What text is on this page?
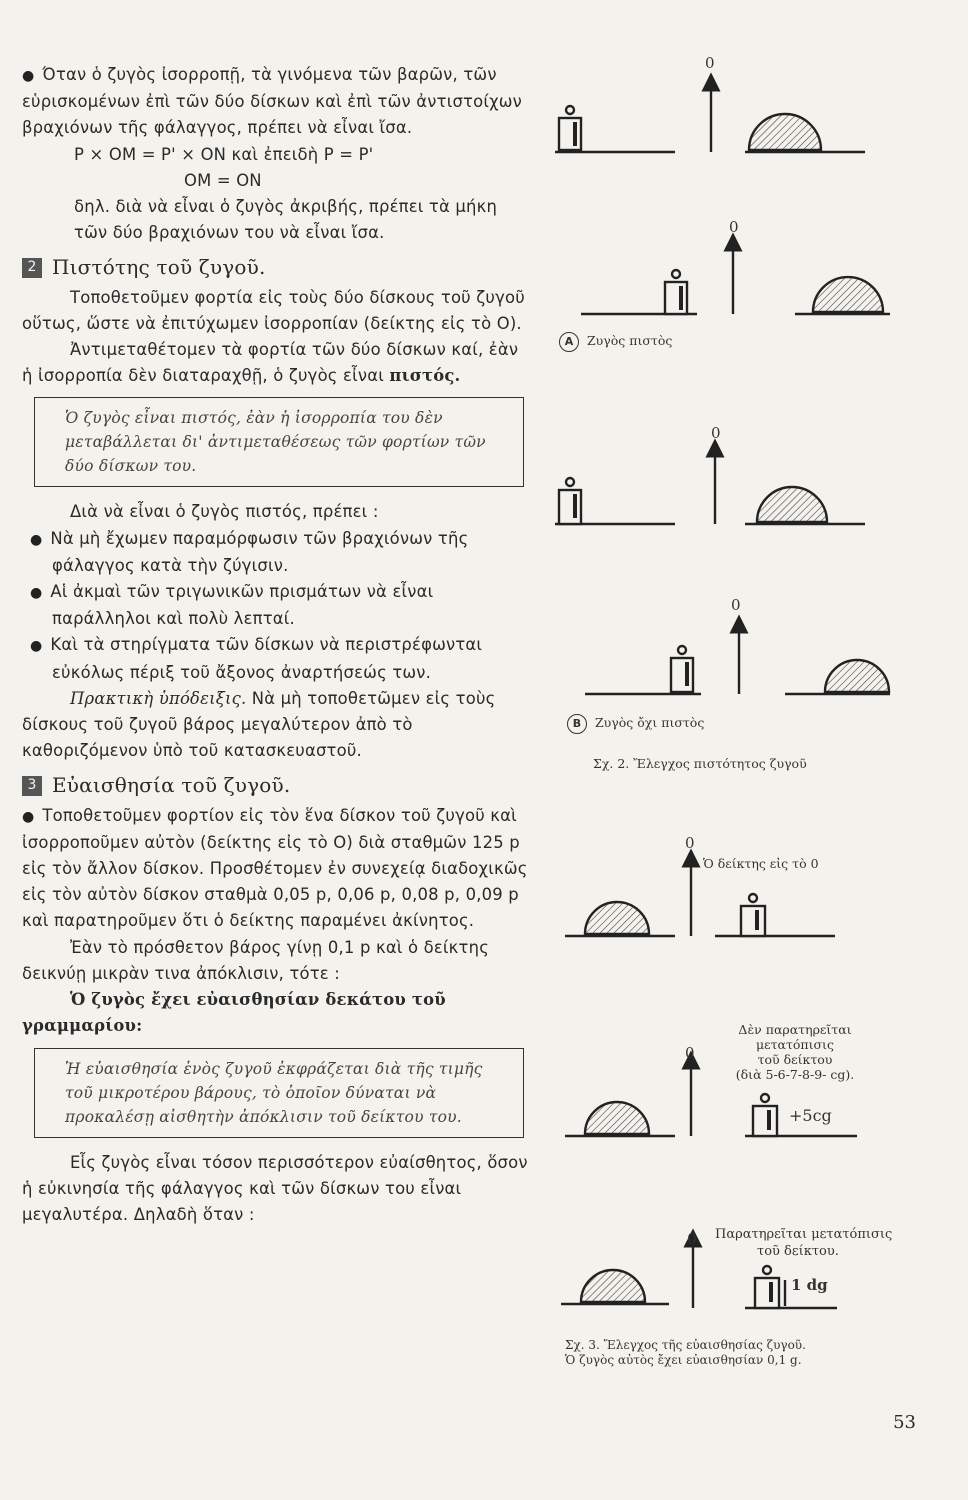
● Όταν ὁ ζυγὸς ἰσορροπῇ, τὰ γινόμενα τῶν βαρῶν, τῶν εὑρισκομένων ἐπὶ τῶν δύο δίσκων καὶ ἐπὶ τῶν ἀντιστοίχων βραχιόνων τῆς φάλαγγος, πρέπει νὰ εἶναι ἴσα.

P × OM = P' × ON καὶ ἐπειδὴ P = P'

OM = ON

δηλ. διὰ νὰ εἶναι ὁ ζυγὸς ἀκριβής, πρέπει τὰ μήκη τῶν δύο βραχιόνων του νὰ εἶναι ἴσα.

2 Πιστότης τοῦ ζυγοῦ.

Τοποθετοῦμεν φορτία εἰς τοὺς δύο δίσκους τοῦ ζυγοῦ οὕτως, ὥστε νὰ ἐπιτύχωμεν ἰσορροπίαν (δείκτης εἰς τὸ Ο).

Ἀντιμεταθέτομεν τὰ φορτία τῶν δύο δίσκων καί, ἐὰν ἡ ἰσορροπία δὲν διαταραχθῇ, ὁ ζυγὸς εἶναι πιστός.

Ὁ ζυγὸς εἶναι πιστός, ἐὰν ἡ ἰσορροπία του δὲν μεταβάλλεται δι' ἀντιμεταθέσεως τῶν φορτίων τῶν δύο δίσκων του.

Διὰ νὰ εἶναι ὁ ζυγὸς πιστός, πρέπει :

● Νὰ μὴ ἔχωμεν παραμόρφωσιν τῶν βραχιόνων τῆς φάλαγγος κατὰ τὴν ζύγισιν.

● Αἱ ἀκμαὶ τῶν τριγωνικῶν πρισμάτων νὰ εἶναι παράλληλοι καὶ πολὺ λεπταί.

● Καὶ τὰ στηρίγματα τῶν δίσκων νὰ περιστρέφωνται εὐκόλως πέριξ τοῦ ἄξονος ἀναρτήσεώς των.

Πρακτικὴ ὑπόδειξις. Νὰ μὴ τοποθετῶμεν εἰς τοὺς δίσκους τοῦ ζυγοῦ βάρος μεγαλύτερον ἀπὸ τὸ καθοριζόμενον ὑπὸ τοῦ κατασκευαστοῦ.

3 Εὐαισθησία τοῦ ζυγοῦ.

● Τοποθετοῦμεν φορτίον εἰς τὸν ἕνα δίσκον τοῦ ζυγοῦ καὶ ἰσορροποῦμεν αὐτὸν (δείκτης εἰς τὸ Ο) διὰ σταθμῶν 125 p εἰς τὸν ἄλλον δίσκον. Προσθέτομεν ἐν συνεχείᾳ διαδοχικῶς εἰς τὸν αὐτὸν δίσκον σταθμὰ 0,05 p, 0,06 p, 0,08 p, 0,09 p καὶ παρατηροῦμεν ὅτι ὁ δείκτης παραμένει ἀκίνητος.

Ἐὰν τὸ πρόσθετον βάρος γίνῃ 0,1 p καὶ ὁ δείκτης δεικνύῃ μικρὰν τινα ἀπόκλισιν, τότε :

Ὁ ζυγὸς ἔχει εὐαισθησίαν δεκάτου τοῦ γραμμαρίου:

Ἡ εὐαισθησία ἑνὸς ζυγοῦ ἐκφράζεται διὰ τῆς τιμῆς τοῦ μικροτέρου βάρους, τὸ ὁποῖον δύναται νὰ προκαλέσῃ αἰσθητὴν ἀπόκλισιν τοῦ δείκτου του.

Εἷς ζυγὸς εἶναι τόσον περισσότερον εὐαίσθητος, ὅσον ἡ εὐκινησία τῆς φάλαγγος καὶ τῶν δίσκων του εἶναι μεγαλυτέρα. Δηλαδὴ ὅταν :

0
0
0
0
0
0
0
A Ζυγὸς πιστὸς
B Ζυγὸς ὄχι πιστὸς
Σχ. 2. Ἔλεγχος πιστότητος ζυγοῦ
Ὁ δείκτης εἰς τὸ 0
Δὲν παρατηρεῖται
μετατόπισις
τοῦ δείκτου
(διὰ 5-6-7-8-9- cg).
+5cg
Παρατηρεῖται μετατόπισις
τοῦ δείκτου.
1 dg
Σχ. 3. Ἔλεγχος τῆς εὐαισθησίας ζυγοῦ.
Ὁ ζυγὸς αὐτὸς ἔχει εὐαισθησίαν 0,1 g.
53
